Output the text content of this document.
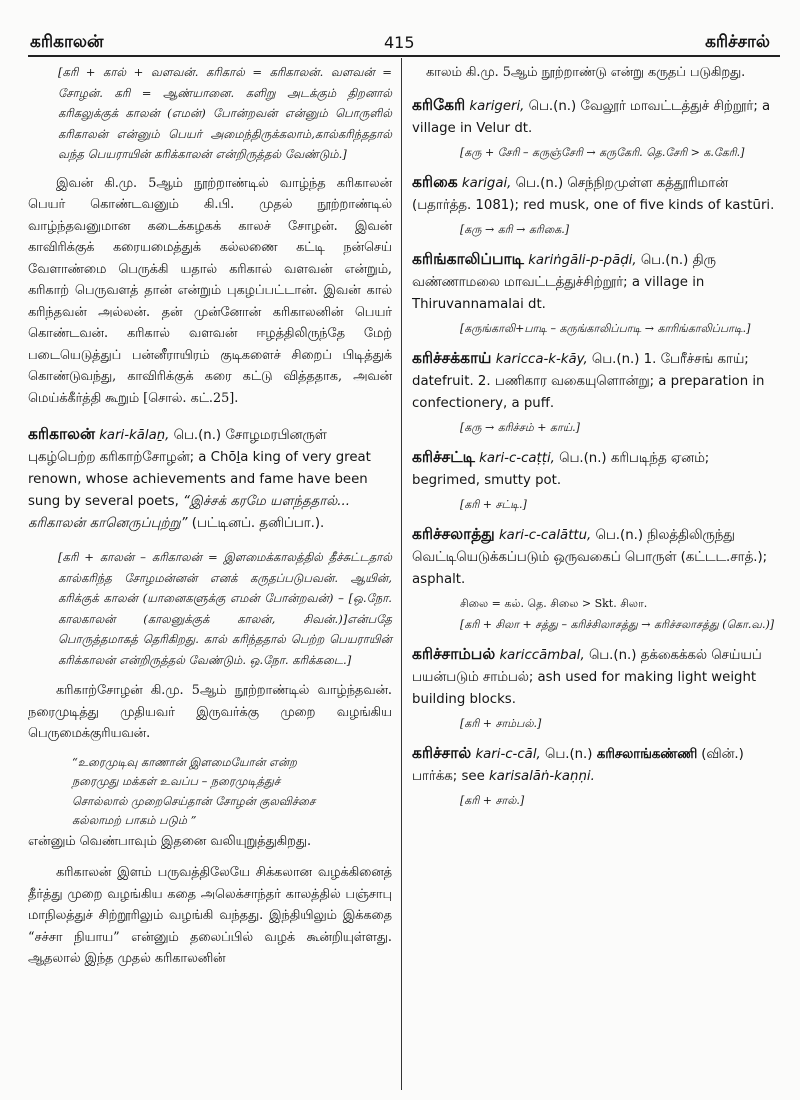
கரிகாலன்	415	கரிச்சால்

[கரி + கால் + வளவன். கரிகால் = கரிகாலன். வளவன் = சோழன். கரி = ஆண்யானை. களிறு அடக்கும் திறனால் கரிகலுக்குக் காலன் (எமன்) போன்றவன் என்னும் பொருளில் கரிகாலன் என்னும் பெயர் அமைந்திருக்கலாம்,கால்கரிந்ததால் வந்த பெயராயின் கரிக்காலன் என்றிருத்தல் வேண்டும்.]

இவன் கி.மு. 5ஆம் நூற்றாண்டில் வாழ்ந்த கரிகாலன் பெயர் கொண்டவனும் கி.பி. முதல் நூற்றாண்டில் வாழ்ந்தவனுமான கடைக்கழகக் காலச் சோழன். இவன் காவிரிக்குக் கரையமைத்துக் கல்லணை கட்டி நன்செய் வேளாண்மை பெருக்கி யதால் கரிகால் வளவன் என்றும், கரிகாற் பெருவளத் தான் என்றும் புகழப்பட்டான். இவன் கால் கரிந்தவன் அல்லன். தன் முன்னோன் கரிகாலனின் பெயர் கொண்டவன். கரிகால் வளவன் ஈழத்திலிருந்தே மேற் படையெடுத்துப் பன்னீராயிரம் குடிகளைச் சிறைப் பிடித்துக் கொண்டுவந்து, காவிரிக்குக் கரை கட்டு வித்ததாக, அவன் மெய்க்கீர்த்தி கூறும் [சொல். கட்.25].

கரிகாலன் kari-kālaṉ, பெ.(n.) சோழமரபினருள் புகழ்பெற்ற கரிகாற்சோழன்; a Chōḻa king of very great renown, whose achievements and fame have been sung by several poets, “இச்சக் கரமே யளந்ததால்... கரிகாலன் கானெருப்புற்று” (பட்டினப். தனிப்பா.).

[கரி + காலன் – கரிகாலன் = இளமைக்காலத்தில் தீச்சுட்டதால் கால்கரிந்த சோழமன்னன் எனக் கருதப்படுபவன். ஆயின், கரிக்குக் காலன் (யானைகளுக்கு எமன் போன்றவன்) – [ஒ.நோ. காலகாலன் (காலனுக்குக் காலன், சிவன்.)]என்பதே பொருத்தமாகத் தெரிகிறது. கால் கரிந்ததால் பெற்ற பெயராயின் கரிக்காலன் என்றிருத்தல் வேண்டும். ஒ.நோ. கரிக்கடை.]

கரிகாற்சோழன் கி.மு. 5ஆம் நூற்றாண்டில் வாழ்ந்தவன். நரைமுடித்து முதியவர் இருவர்க்கு முறை வழங்கிய பெருமைக்குரியவன்.

“உரைமுடிவு காணான் இளமையோன் என்ற
நரைமுது மக்கள் உவப்ப – நரைமுடித்துச்
சொல்லால் முறைசெய்தான் சோழன் குலவிச்சை
கல்லாமற் பாகம் படும் ”

என்னும் வெண்பாவும் இதனை வலியுறுத்துகிறது.

கரிகாலன் இளம் பருவத்திலேயே சிக்கலான வழக்கினைத் தீர்த்து முறை வழங்கிய கதை அலெக்சாந்தர் காலத்தில் பஞ்சாபு மாநிலத்துச் சிற்றூரிலும் வழங்கி வந்தது. இந்தியிலும் இக்கதை “சச்சா நியாய” என்னும் தலைப்பில் வழக் கூன்றியுள்ளது. ஆதலால் இந்த முதல் கரிகாலனின்

காலம் கி.மு. 5ஆம் நூற்றாண்டு என்று கருதப் படுகிறது.

கரிகேரி karigeri, பெ.(n.) வேலூர் மாவட்டத்துச் சிற்றூர்; a village in Velur dt.

[கரு + சேரி – கருஞ்சேரி → கருகேரி. தெ.சேரி > க.கேரி.]

கரிகை karigai, பெ.(n.) செந்நிறமுள்ள கத்தூரிமான் (பதார்த்த. 1081); red musk, one of five kinds of kastūri.

[கரு → கரி → கரிகை.]

கரிங்காலிப்பாடி kariṅgāli-p-pāḍi, பெ.(n.) திரு வண்ணாமலை மாவட்டத்துச்சிற்றூர்; a village in Thiruvannamalai dt.

[கருங்காலி+பாடி – கருங்காலிப்பாடி → காரிங்காலிப்பாடி.]

கரிச்சக்காய் karicca-k-kāy, பெ.(n.) 1. பேரீச்சங் காய்; datefruit. 2. பணிகார வகையுளொன்று; a preparation in confectionery, a puff.

[கரு → கரிச்சம் + காய்.]

கரிச்சட்டி kari-c-caṭṭi, பெ.(n.) கரிபடிந்த ஏனம்; begrimed, smutty pot.

[கரி + சட்டி.]

கரிச்சலாத்து kari-c-calāttu, பெ.(n.) நிலத்திலிருந்து வெட்டியெடுக்கப்படும் ஒருவகைப் பொருள் (கட்டட.சாத்.); asphalt.

சிலை = கல். தெ. சிலை > Skt. சிலா.

[கரி + சிலா + சத்து – கரிச்சிலாசத்து → கரிச்சலாசத்து (கொ.வ.)]

கரிச்சாம்பல் kariccāmbal, பெ.(n.) தக்கைக்கல் செய்யப் பயன்படும் சாம்பல்; ash used for making light weight building blocks.

[கரி + சாம்பல்.]

கரிச்சால் kari-c-cāl, பெ.(n.) கரிசலாங்கண்ணி (வின்.) பார்க்க; see karisalāṅ-kaṇṇi.

[கரி + சால்.]
